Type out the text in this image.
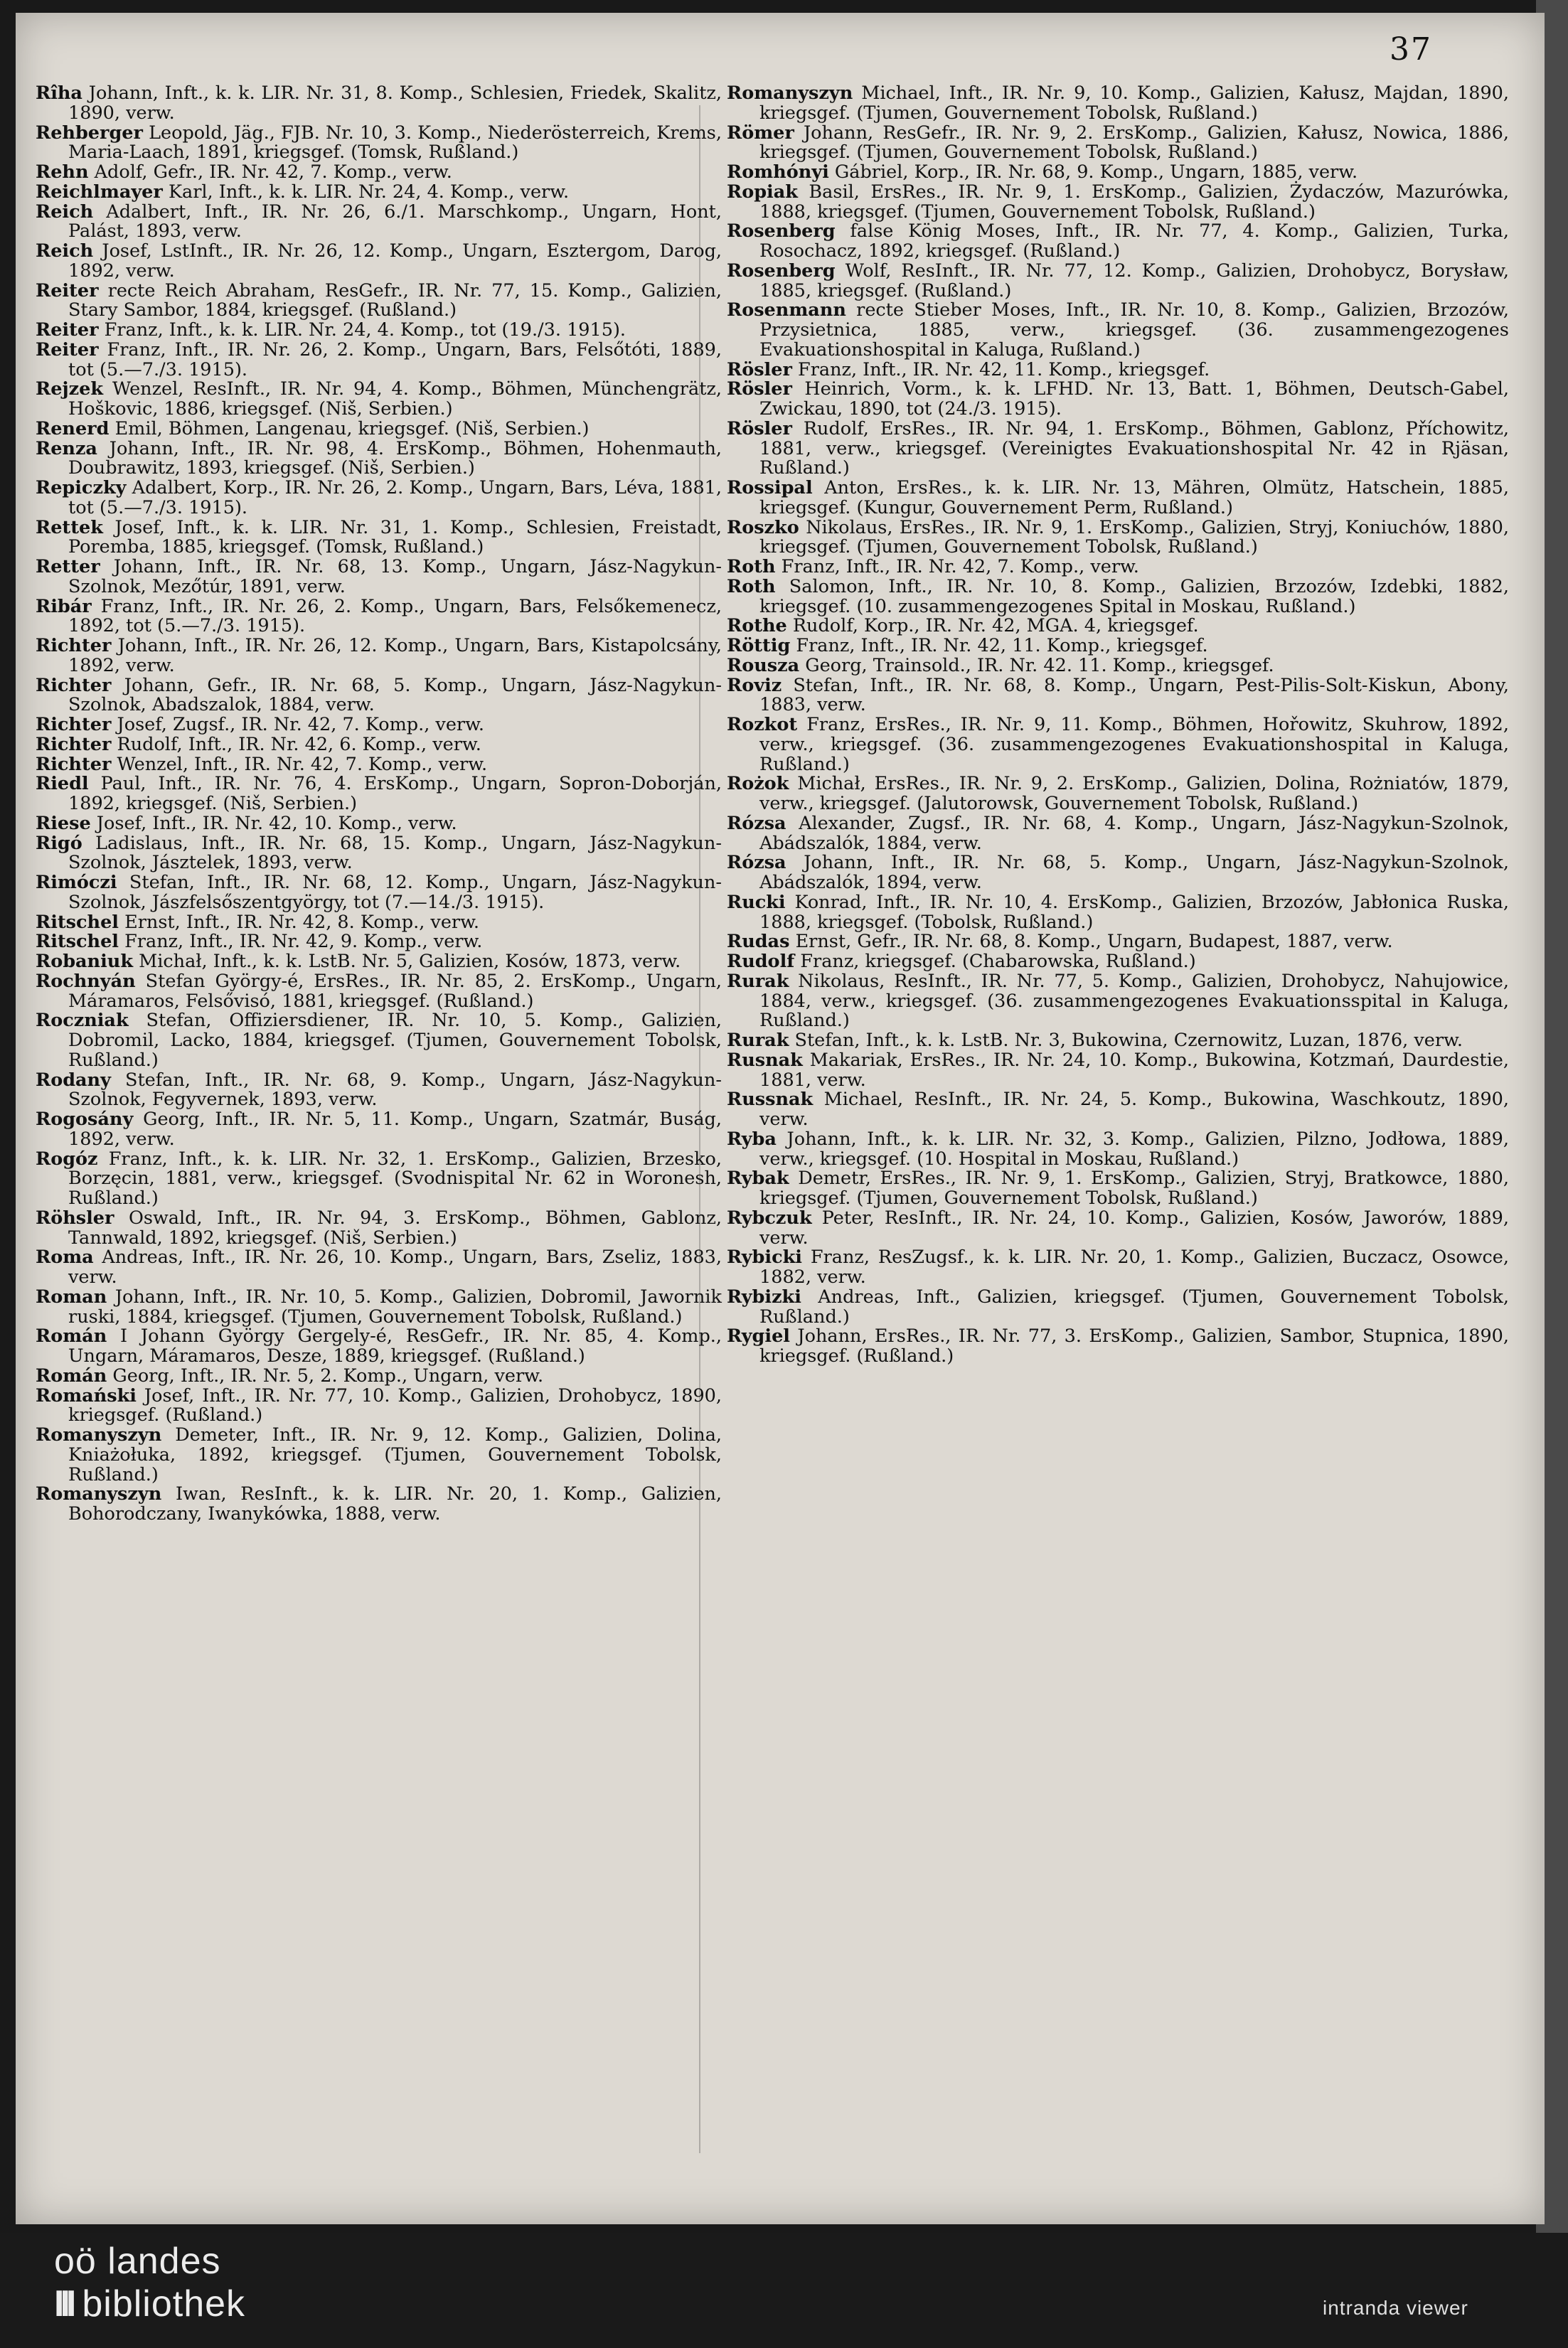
37
Rîha Johann, Inft., k. k. LIR. Nr. 31, 8. Komp., Schlesien, Friedek, Skalitz, 1890, verw.
Rehberger Leopold, Jäg., FJB. Nr. 10, 3. Komp., Niederösterreich, Krems, Maria-Laach, 1891, kriegsgef. (Tomsk, Rußland.)
Rehn Adolf, Gefr., IR. Nr. 42, 7. Komp., verw.
Reichlmayer Karl, Inft., k. k. LIR. Nr. 24, 4. Komp., verw.
Reich Adalbert, Inft., IR. Nr. 26, 6./1. Marschkomp., Ungarn, Hont, Palást, 1893, verw.
Reich Josef, LstInft., IR. Nr. 26, 12. Komp., Ungarn, Esztergom, Darog, 1892, verw.
Reiter recte Reich Abraham, ResGefr., IR. Nr. 77, 15. Komp., Galizien, Stary Sambor, 1884, kriegsgef. (Rußland.)
Reiter Franz, Inft., k. k. LIR. Nr. 24, 4. Komp., tot (19./3. 1915).
Reiter Franz, Inft., IR. Nr. 26, 2. Komp., Ungarn, Bars, Felsőtóti, 1889, tot (5.—7./3. 1915).
Rejzek Wenzel, ResInft., IR. Nr. 94, 4. Komp., Böhmen, Münchengrätz, Hoškovic, 1886, kriegsgef. (Niš, Serbien.)
Renerd Emil, Böhmen, Langenau, kriegsgef. (Niš, Serbien.)
Renza Johann, Inft., IR. Nr. 98, 4. ErsKomp., Böhmen, Hohenmauth, Doubrawitz, 1893, kriegsgef. (Niš, Serbien.)
Repiczky Adalbert, Korp., IR. Nr. 26, 2. Komp., Ungarn, Bars, Léva, 1881, tot (5.—7./3. 1915).
Rettek Josef, Inft., k. k. LIR. Nr. 31, 1. Komp., Schlesien, Freistadt, Poremba, 1885, kriegsgef. (Tomsk, Rußland.)
Retter Johann, Inft., IR. Nr. 68, 13. Komp., Ungarn, Jász-Nagykun-Szolnok, Mezőtúr, 1891, verw.
Ribár Franz, Inft., IR. Nr. 26, 2. Komp., Ungarn, Bars, Felsőkemenecz, 1892, tot (5.—7./3. 1915).
Richter Johann, Inft., IR. Nr. 26, 12. Komp., Ungarn, Bars, Kistapolcsány, 1892, verw.
Richter Johann, Gefr., IR. Nr. 68, 5. Komp., Ungarn, Jász-Nagykun-Szolnok, Abadszalok, 1884, verw.
Richter Josef, Zugsf., IR. Nr. 42, 7. Komp., verw.
Richter Rudolf, Inft., IR. Nr. 42, 6. Komp., verw.
Richter Wenzel, Inft., IR. Nr. 42, 7. Komp., verw.
Riedl Paul, Inft., IR. Nr. 76, 4. ErsKomp., Ungarn, Sopron-Doborján, 1892, kriegsgef. (Niš, Serbien.)
Riese Josef, Inft., IR. Nr. 42, 10. Komp., verw.
Rigó Ladislaus, Inft., IR. Nr. 68, 15. Komp., Ungarn, Jász-Nagykun-Szolnok, Jásztelek, 1893, verw.
Rimóczi Stefan, Inft., IR. Nr. 68, 12. Komp., Ungarn, Jász-Nagykun-Szolnok, Jászfelsőszentgyörgy, tot (7.—14./3. 1915).
Ritschel Ernst, Inft., IR. Nr. 42, 8. Komp., verw.
Ritschel Franz, Inft., IR. Nr. 42, 9. Komp., verw.
Robaniuk Michał, Inft., k. k. LstB. Nr. 5, Galizien, Kosów, 1873, verw.
Rochnyán Stefan György-é, ErsRes., IR. Nr. 85, 2. ErsKomp., Ungarn, Máramaros, Felsővisó, 1881, kriegsgef. (Rußland.)
Roczniak Stefan, Offiziersdiener, IR. Nr. 10, 5. Komp., Galizien, Dobromil, Lacko, 1884, kriegsgef. (Tjumen, Gouvernement Tobolsk, Rußland.)
Rodany Stefan, Inft., IR. Nr. 68, 9. Komp., Ungarn, Jász-Nagykun-Szolnok, Fegyvernek, 1893, verw.
Rogosány Georg, Inft., IR. Nr. 5, 11. Komp., Ungarn, Szatmár, Buság, 1892, verw.
Rogóz Franz, Inft., k. k. LIR. Nr. 32, 1. ErsKomp., Galizien, Brzesko, Borzęcin, 1881, verw., kriegsgef. (Svodnispital Nr. 62 in Woronesh, Rußland.)
Röhsler Oswald, Inft., IR. Nr. 94, 3. ErsKomp., Böhmen, Gablonz, Tannwald, 1892, kriegsgef. (Niš, Serbien.)
Roma Andreas, Inft., IR. Nr. 26, 10. Komp., Ungarn, Bars, Zseliz, 1883, verw.
Roman Johann, Inft., IR. Nr. 10, 5. Komp., Galizien, Dobromil, Jawornik ruski, 1884, kriegsgef. (Tjumen, Gouvernement Tobolsk, Rußland.)
Román I Johann György Gergely-é, ResGefr., IR. Nr. 85, 4. Komp., Ungarn, Máramaros, Desze, 1889, kriegsgef. (Rußland.)
Román Georg, Inft., IR. Nr. 5, 2. Komp., Ungarn, verw.
Romański Josef, Inft., IR. Nr. 77, 10. Komp., Galizien, Drohobycz, 1890, kriegsgef. (Rußland.)
Romanyszyn Demeter, Inft., IR. Nr. 9, 12. Komp., Galizien, Dolina, Kniażołuka, 1892, kriegsgef. (Tjumen, Gouvernement Tobolsk, Rußland.)
Romanyszyn Iwan, ResInft., k. k. LIR. Nr. 20, 1. Komp., Galizien, Bohorodczany, Iwanykówka, 1888, verw.
Romanyszyn Michael, Inft., IR. Nr. 9, 10. Komp., Galizien, Kałusz, Majdan, 1890, kriegsgef. (Tjumen, Gouvernement Tobolsk, Rußland.)
Römer Johann, ResGefr., IR. Nr. 9, 2. ErsKomp., Galizien, Kałusz, Nowica, 1886, kriegsgef. (Tjumen, Gouvernement Tobolsk, Rußland.)
Romhónyi Gábriel, Korp., IR. Nr. 68, 9. Komp., Ungarn, 1885, verw.
Ropiak Basil, ErsRes., IR. Nr. 9, 1. ErsKomp., Galizien, Żydaczów, Mazurówka, 1888, kriegsgef. (Tjumen, Gouvernement Tobolsk, Rußland.)
Rosenberg false König Moses, Inft., IR. Nr. 77, 4. Komp., Galizien, Turka, Rosochacz, 1892, kriegsgef. (Rußland.)
Rosenberg Wolf, ResInft., IR. Nr. 77, 12. Komp., Galizien, Drohobycz, Borysław, 1885, kriegsgef. (Rußland.)
Rosenmann recte Stieber Moses, Inft., IR. Nr. 10, 8. Komp., Galizien, Brzozów, Przysietnica, 1885, verw., kriegsgef. (36. zusammengezogenes Evakuationshospital in Kaluga, Rußland.)
Rösler Franz, Inft., IR. Nr. 42, 11. Komp., kriegsgef.
Rösler Heinrich, Vorm., k. k. LFHD. Nr. 13, Batt. 1, Böhmen, Deutsch-Gabel, Zwickau, 1890, tot (24./3. 1915).
Rösler Rudolf, ErsRes., IR. Nr. 94, 1. ErsKomp., Böhmen, Gablonz, Příchowitz, 1881, verw., kriegsgef. (Vereinigtes Evakuationshospital Nr. 42 in Rjäsan, Rußland.)
Rossipal Anton, ErsRes., k. k. LIR. Nr. 13, Mähren, Olmütz, Hatschein, 1885, kriegsgef. (Kungur, Gouvernement Perm, Rußland.)
Roszko Nikolaus, ErsRes., IR. Nr. 9, 1. ErsKomp., Galizien, Stryj, Koniuchów, 1880, kriegsgef. (Tjumen, Gouvernement Tobolsk, Rußland.)
Roth Franz, Inft., IR. Nr. 42, 7. Komp., verw.
Roth Salomon, Inft., IR. Nr. 10, 8. Komp., Galizien, Brzozów, Izdebki, 1882, kriegsgef. (10. zusammengezogenes Spital in Moskau, Rußland.)
Rothe Rudolf, Korp., IR. Nr. 42, MGA. 4, kriegsgef.
Röttig Franz, Inft., IR. Nr. 42, 11. Komp., kriegsgef.
Rousza Georg, Trainsold., IR. Nr. 42. 11. Komp., kriegsgef.
Roviz Stefan, Inft., IR. Nr. 68, 8. Komp., Ungarn, Pest-Pilis-Solt-Kiskun, Abony, 1883, verw.
Rozkot Franz, ErsRes., IR. Nr. 9, 11. Komp., Böhmen, Hořowitz, Skuhrow, 1892, verw., kriegsgef. (36. zusammengezogenes Evakuationshospital in Kaluga, Rußland.)
Rożok Michał, ErsRes., IR. Nr. 9, 2. ErsKomp., Galizien, Dolina, Rożniatów, 1879, verw., kriegsgef. (Jalutorowsk, Gouvernement Tobolsk, Rußland.)
Rózsa Alexander, Zugsf., IR. Nr. 68, 4. Komp., Ungarn, Jász-Nagykun-Szolnok, Abádszalók, 1884, verw.
Rózsa Johann, Inft., IR. Nr. 68, 5. Komp., Ungarn, Jász-Nagykun-Szolnok, Abádszalók, 1894, verw.
Rucki Konrad, Inft., IR. Nr. 10, 4. ErsKomp., Galizien, Brzozów, Jabłonica Ruska, 1888, kriegsgef. (Tobolsk, Rußland.)
Rudas Ernst, Gefr., IR. Nr. 68, 8. Komp., Ungarn, Budapest, 1887, verw.
Rudolf Franz, kriegsgef. (Chabarowska, Rußland.)
Rurak Nikolaus, ResInft., IR. Nr. 77, 5. Komp., Galizien, Drohobycz, Nahujowice, 1884, verw., kriegsgef. (36. zusammengezogenes Evakuationsspital in Kaluga, Rußland.)
Rurak Stefan, Inft., k. k. LstB. Nr. 3, Bukowina, Czernowitz, Luzan, 1876, verw.
Rusnak Makariak, ErsRes., IR. Nr. 24, 10. Komp., Bukowina, Kotzmań, Daurdestie, 1881, verw.
Russnak Michael, ResInft., IR. Nr. 24, 5. Komp., Bukowina, Waschkoutz, 1890, verw.
Ryba Johann, Inft., k. k. LIR. Nr. 32, 3. Komp., Galizien, Pilzno, Jodłowa, 1889, verw., kriegsgef. (10. Hospital in Moskau, Rußland.)
Rybak Demetr, ErsRes., IR. Nr. 9, 1. ErsKomp., Galizien, Stryj, Bratkowce, 1880, kriegsgef. (Tjumen, Gouvernement Tobolsk, Rußland.)
Rybczuk Peter, ResInft., IR. Nr. 24, 10. Komp., Galizien, Kosów, Jaworów, 1889, verw.
Rybicki Franz, ResZugsf., k. k. LIR. Nr. 20, 1. Komp., Galizien, Buczacz, Osowce, 1882, verw.
Rybizki Andreas, Inft., Galizien, kriegsgef. (Tjumen, Gouvernement Tobolsk, Rußland.)
Rygiel Johann, ErsRes., IR. Nr. 77, 3. ErsKomp., Galizien, Sambor, Stupnica, 1890, kriegsgef. (Rußland.)
oö landes
III bibliothek	intranda viewer
